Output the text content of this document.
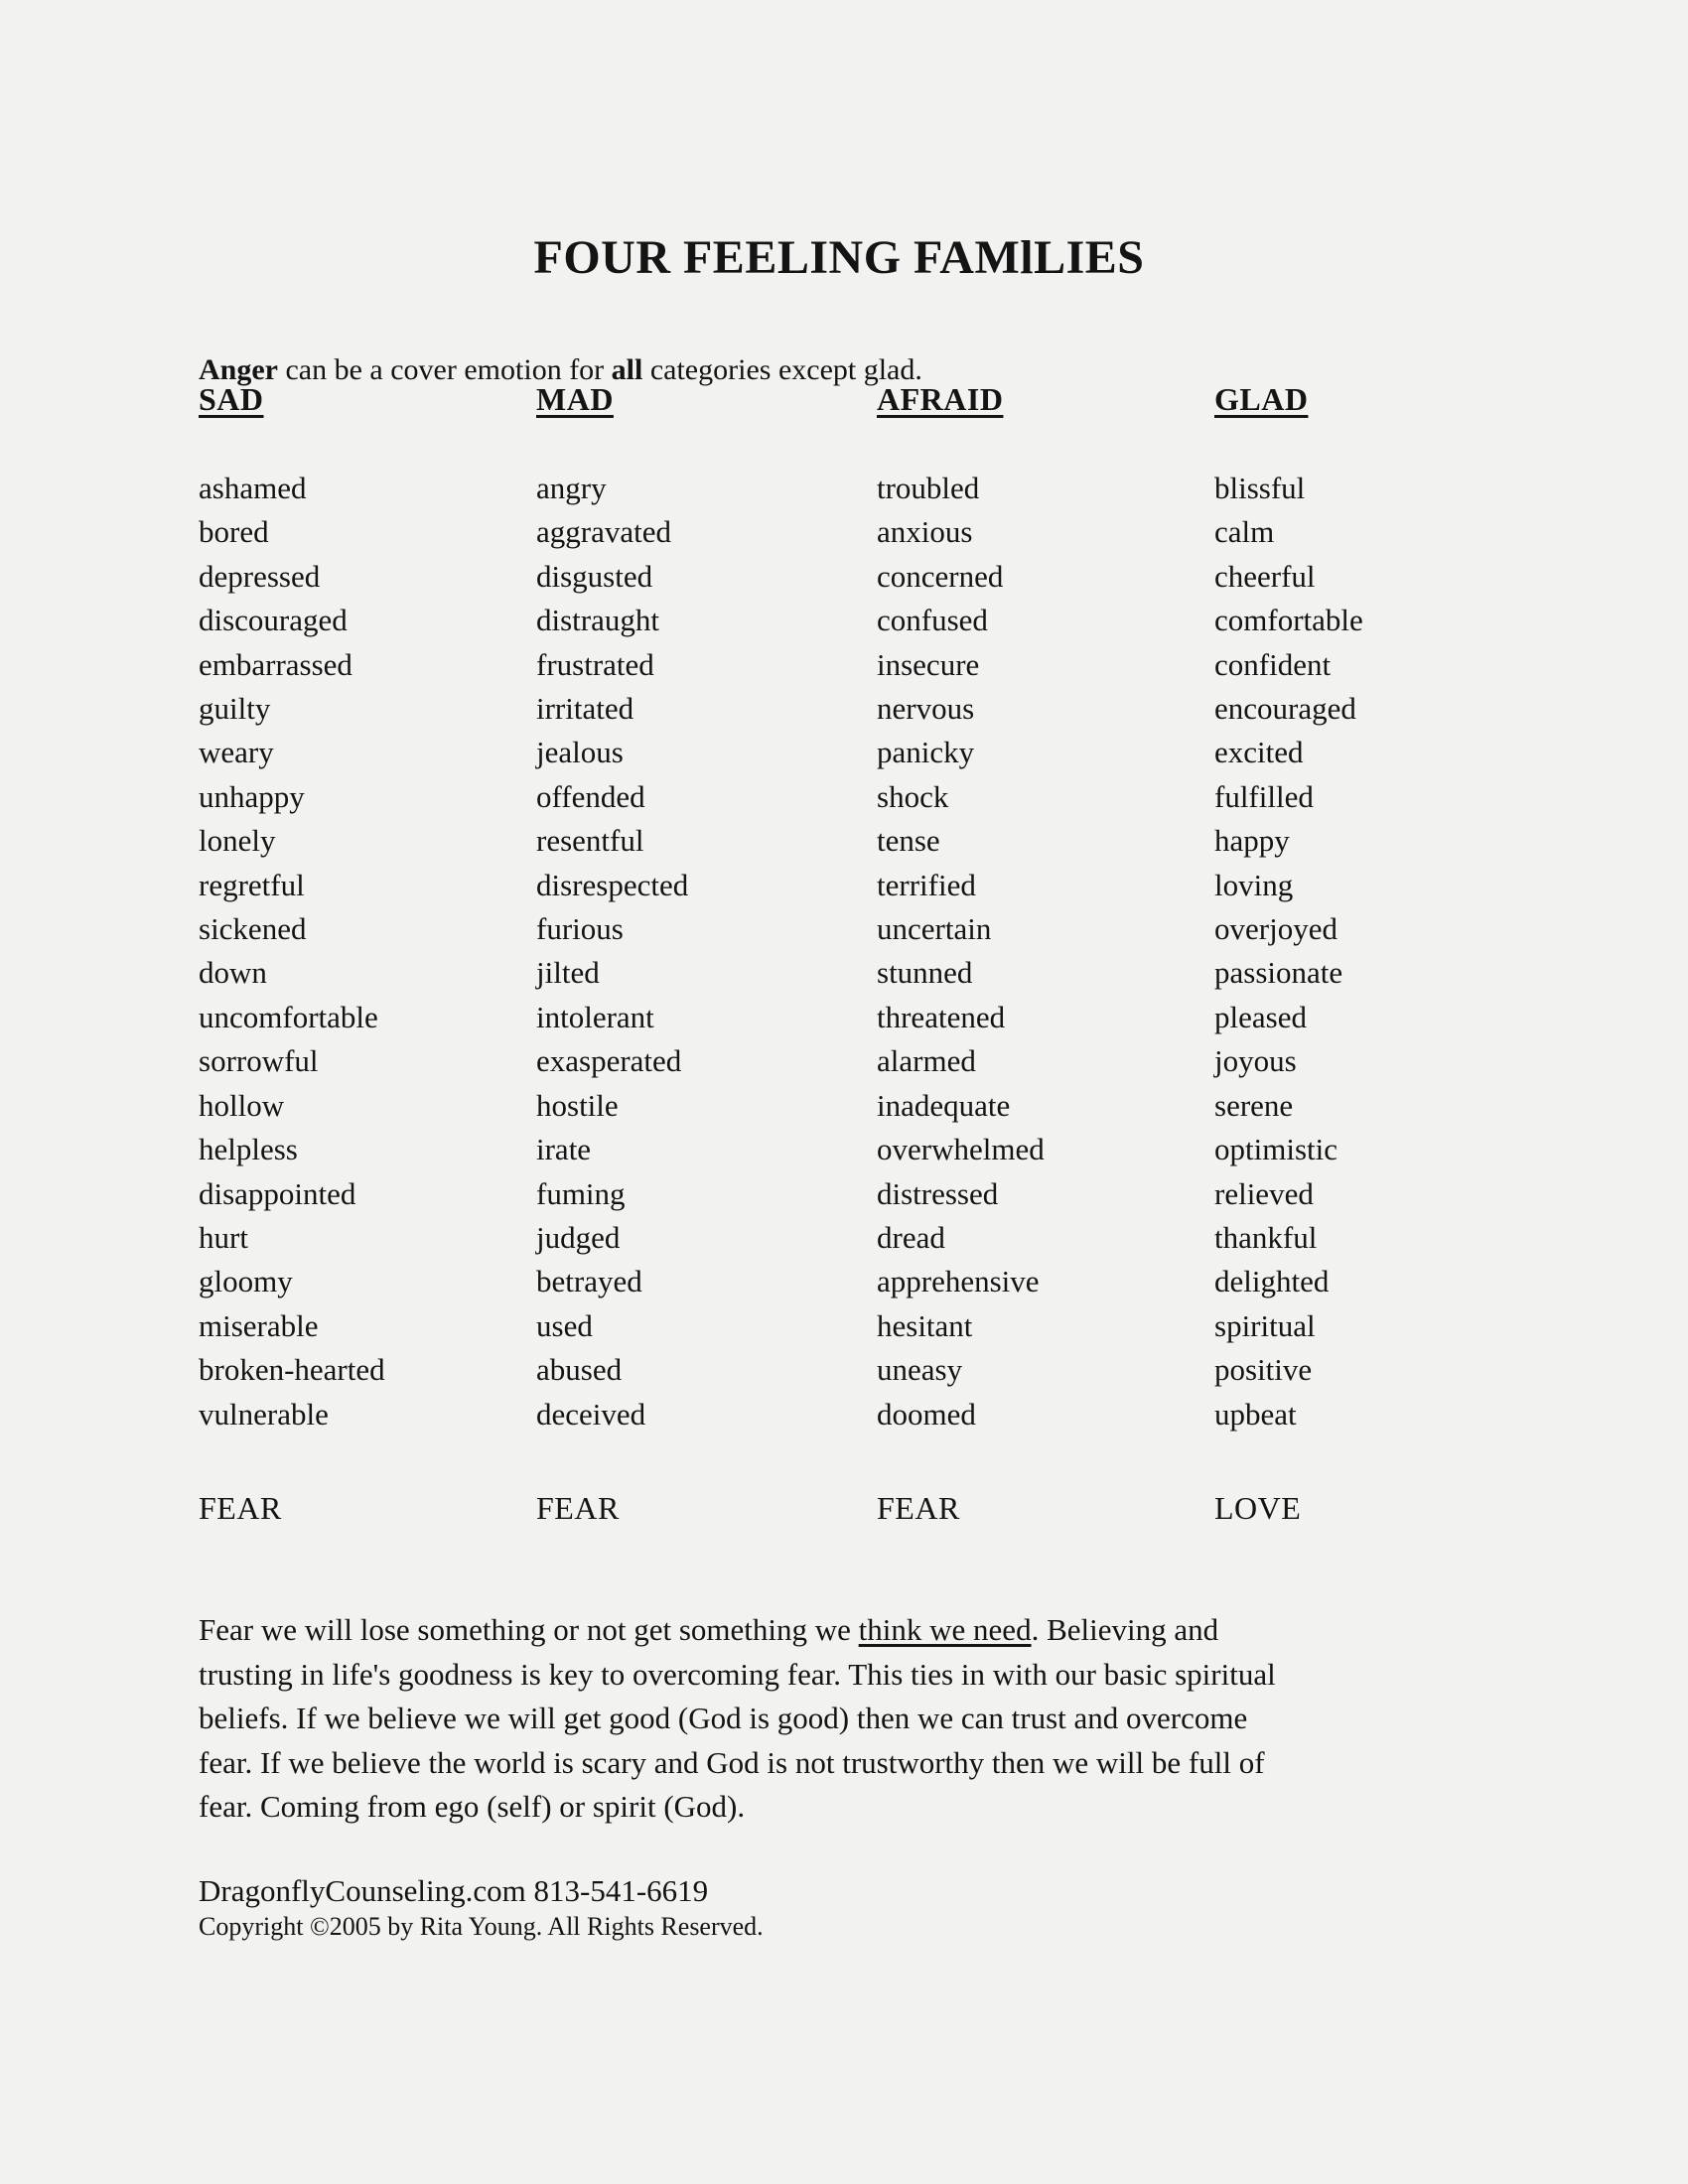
FOUR FEELING FAMlLIES

Anger can be a cover emotion for all categories except glad.

SAD
ashamed
bored
depressed
discouraged
embarrassed
guilty
weary
unhappy
lonely
regretful
sickened
down
uncomfortable
sorrowful
hollow
helpless
disappointed
hurt
gloomy
miserable
broken-hearted
vulnerable
FEAR
MAD
angry
aggravated
disgusted
distraught
frustrated
irritated
jealous
offended
resentful
disrespected
furious
jilted
intolerant
exasperated
hostile
irate
fuming
judged
betrayed
used
abused
deceived
FEAR
AFRAID
troubled
anxious
concerned
confused
insecure
nervous
panicky
shock
tense
terrified
uncertain
stunned
threatened
alarmed
inadequate
overwhelmed
distressed
dread
apprehensive
hesitant
uneasy
doomed
FEAR
GLAD
blissful
calm
cheerful
comfortable
confident
encouraged
excited
fulfilled
happy
loving
overjoyed
passionate
pleased
joyous
serene
optimistic
relieved
thankful
delighted
spiritual
positive
upbeat
LOVE
Fear we will lose something or not get something we think we need. Believing and
trusting in life's goodness is key to overcoming fear. This ties in with our basic spiritual
beliefs. If we believe we will get good (God is good) then we can trust and overcome
fear. If we believe the world is scary and God is not trustworthy then we will be full of
fear. Coming from ego (self) or spirit (God).
DragonflyCounseling.com 813-541-6619
Copyright ©2005 by Rita Young. All Rights Reserved.
